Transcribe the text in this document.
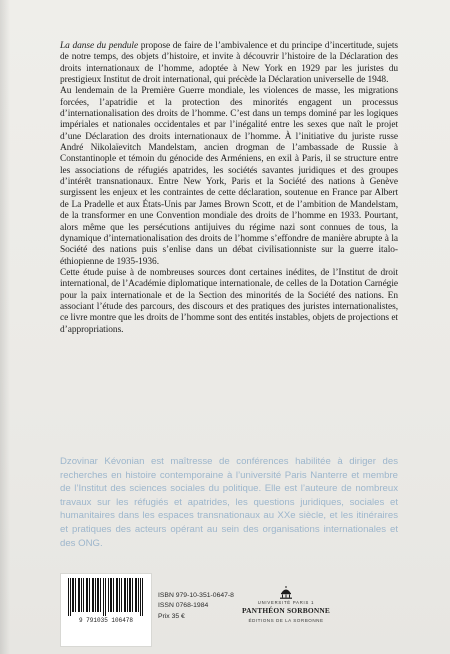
La danse du pendule propose de faire de l’ambivalence et du principe d’incertitude, sujets de notre temps, des objets d’histoire, et invite à découvrir l’histoire de la Déclaration des droits internationaux de l’homme, adoptée à New York en 1929 par les juristes du prestigieux Institut de droit international, qui précède la Déclaration universelle de 1948.

Au lendemain de la Première Guerre mondiale, les violences de masse, les migrations forcées, l’apatridie et la protection des minorités engagent un processus d’internationalisation des droits de l’homme. C’est dans un temps dominé par les logiques impériales et nationales occidentales et par l’inégalité entre les sexes que naît le projet d’une Déclaration des droits internationaux de l’homme. À l’initiative du juriste russe André Nikolaïevitch Mandelstam, ancien drogman de l’ambassade de Russie à Constantinople et témoin du génocide des Arméniens, en exil à Paris, il se structure entre les associations de réfugiés apatrides, les sociétés savantes juridiques et des groupes d’intérêt transnationaux. Entre New York, Paris et la Société des nations à Genève surgissent les enjeux et les contraintes de cette déclaration, soutenue en France par Albert de La Pradelle et aux États-Unis par James Brown Scott, et de l’ambition de Mandelstam, de la transformer en une Convention mondiale des droits de l’homme en 1933. Pourtant, alors même que les persécutions antijuives du régime nazi sont connues de tous, la dynamique d’internationalisation des droits de l’homme s’effondre de manière abrupte à la Société des nations puis s’enlise dans un débat civilisationniste sur la guerre italo-éthiopienne de 1935-1936.

Cette étude puise à de nombreuses sources dont certaines inédites, de l’Institut de droit international, de l’Académie diplomatique internationale, de celles de la Dotation Carnégie pour la paix internationale et de la Section des minorités de la Société des nations. En associant l’étude des parcours, des discours et des pratiques des juristes internationalistes, ce livre montre que les droits de l’homme sont des entités instables, objets de projections et d’appropriations.

Dzovinar Kévonian est maîtresse de conférences habilitée à diriger des recherches en histoire contemporaine à l’université Paris Nanterre et membre de l’Institut des sciences sociales du politique. Elle est l’auteure de nombreux travaux sur les réfugiés et apatrides, les questions juridiques, sociales et humanitaires dans les espaces transnationaux au XXe siècle, et les itinéraires et pratiques des acteurs opérant au sein des organisations internationales et des ONG.

9 791035 106478
ISBN 979-10-351-0647-8
ISSN 0768-1984
Prix 35 €
UNIVERSITÉ PARIS 1
PANTHÉON SORBONNE
ÉDITIONS DE LA SORBONNE
